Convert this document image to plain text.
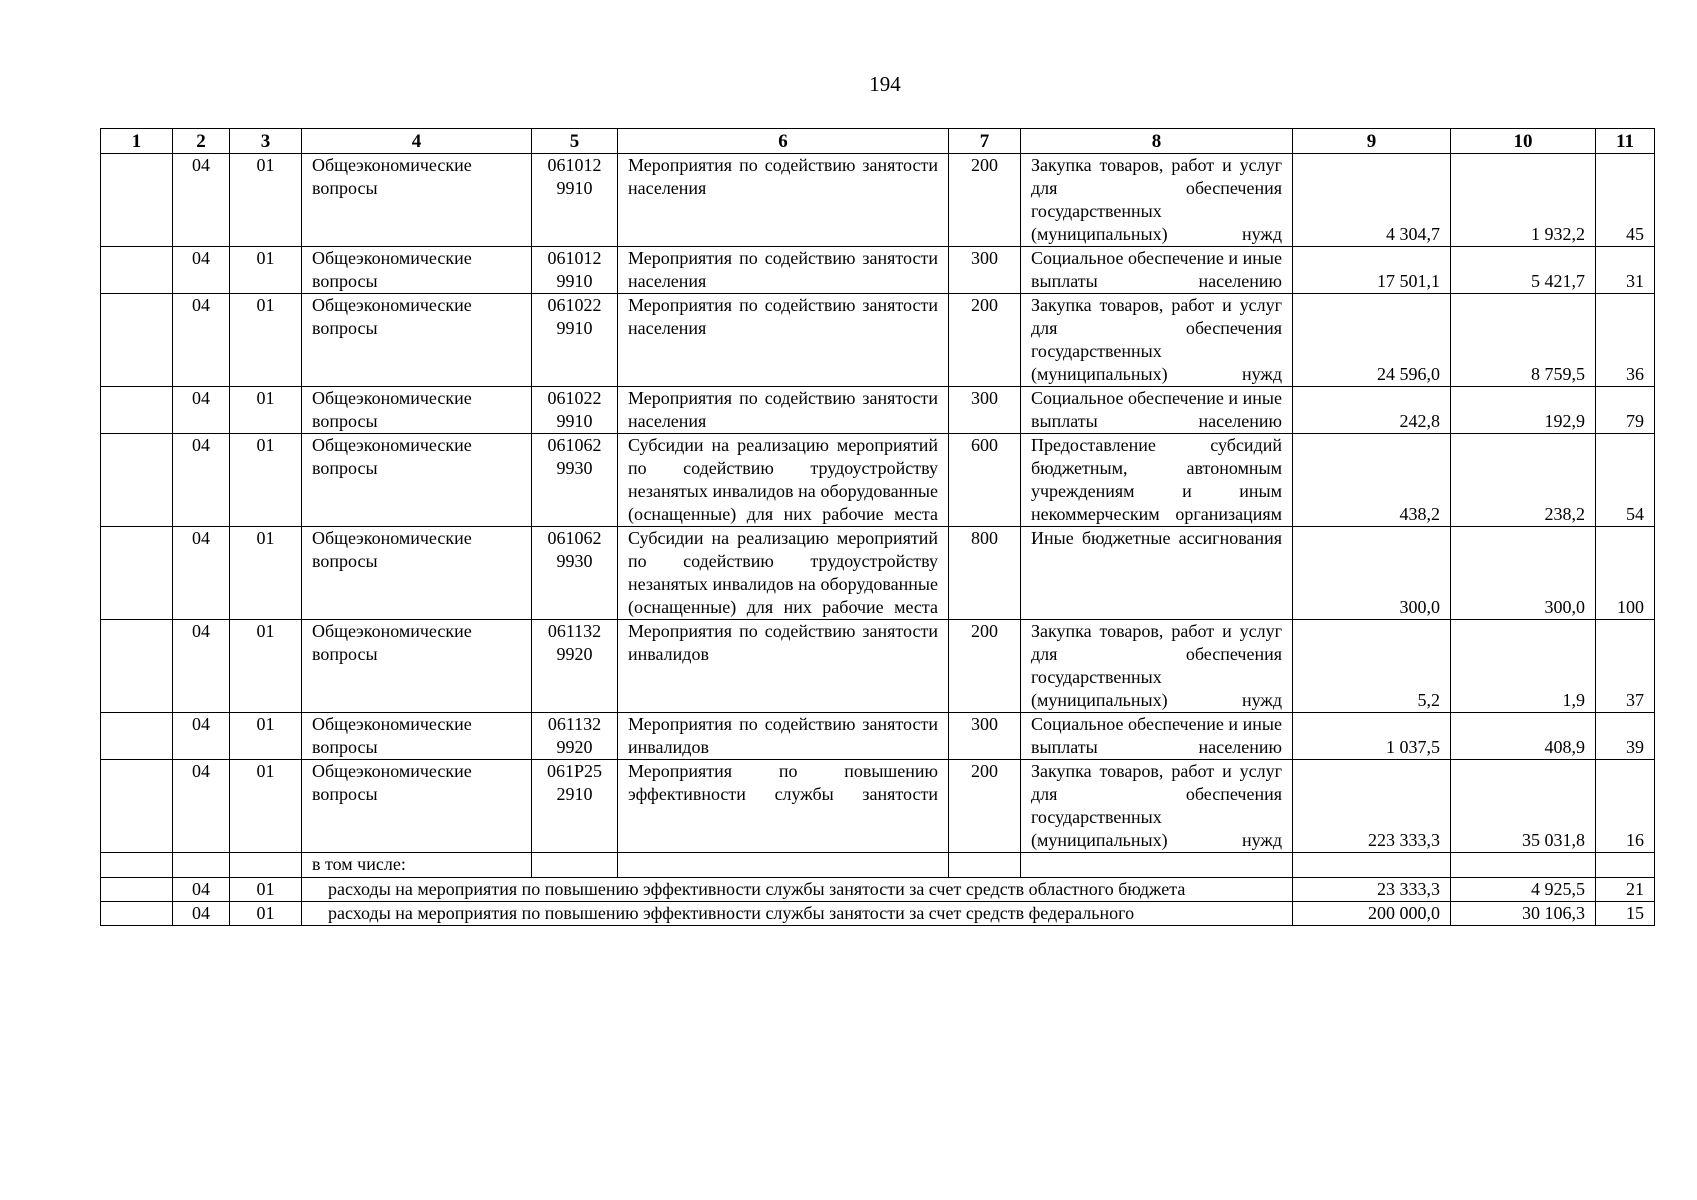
194
1	2	3	4	5	6	7	8	9	10	11
	04	01	Общеэкономические вопросы	061012 9910	Мероприятия по содействию занятости населения	200	Закупка товаров, работ и услуг для обеспечения государственных (муниципальных) нужд	4 304,7	1 932,2	45
	04	01	Общеэкономические вопросы	061012 9910	Мероприятия по содействию занятости населения	300	Социальное обеспечение и иные выплаты населению	17 501,1	5 421,7	31
	04	01	Общеэкономические вопросы	061022 9910	Мероприятия по содействию занятости населения	200	Закупка товаров, работ и услуг для обеспечения государственных (муниципальных) нужд	24 596,0	8 759,5	36
	04	01	Общеэкономические вопросы	061022 9910	Мероприятия по содействию занятости населения	300	Социальное обеспечение и иные выплаты населению	242,8	192,9	79
	04	01	Общеэкономические вопросы	061062 9930	Субсидии на реализацию мероприятий по содействию трудоустройству незанятых инвалидов на оборудованные (оснащенные) для них рабочие места	600	Предоставление субсидий бюджетным, автономным учреждениям и иным некоммерческим организациям	438,2	238,2	54
	04	01	Общеэкономические вопросы	061062 9930	Субсидии на реализацию мероприятий по содействию трудоустройству незанятых инвалидов на оборудованные (оснащенные) для них рабочие места	800	Иные бюджетные ассигнования	300,0	300,0	100
	04	01	Общеэкономические вопросы	061132 9920	Мероприятия по содействию занятости инвалидов	200	Закупка товаров, работ и услуг для обеспечения государственных (муниципальных) нужд	5,2	1,9	37
	04	01	Общеэкономические вопросы	061132 9920	Мероприятия по содействию занятости инвалидов	300	Социальное обеспечение и иные выплаты населению	1 037,5	408,9	39
	04	01	Общеэкономические вопросы	061P25 2910	Мероприятия по повышению эффективности службы занятости	200	Закупка товаров, работ и услуг для обеспечения государственных (муниципальных) нужд	223 333,3	35 031,8	16
			в том числе:							
	04	01	расходы на мероприятия по повышению эффективности службы занятости за счет средств областного бюджета					23 333,3	4 925,5	21
	04	01	расходы на мероприятия по повышению эффективности службы занятости за счет средств федерального					200 000,0	30 106,3	15
